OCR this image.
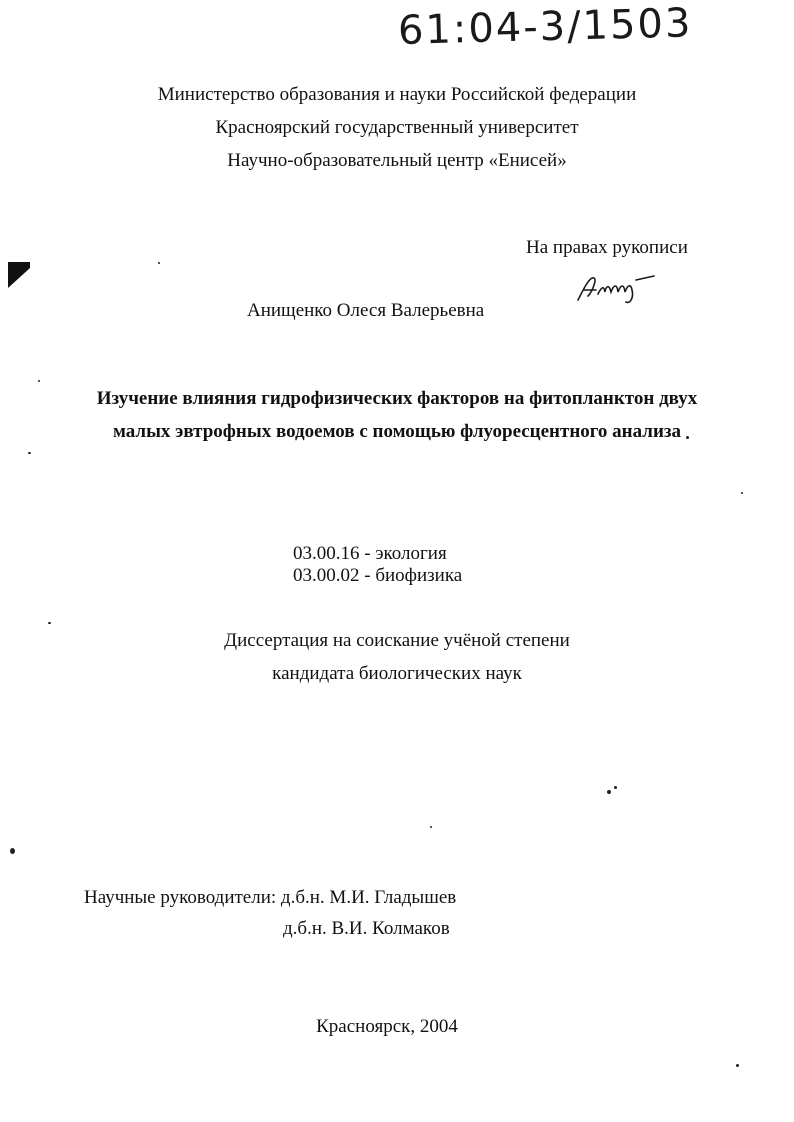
61:04-3/1503
Министерство образования и науки Российской федерации
Красноярский государственный университет
Научно-образовательный центр «Енисей»
На правах рукописи
Анищенко Олеся Валерьевна
Изучение влияния гидрофизических факторов на фитопланктон двух
малых эвтрофных водоемов с помощью флуоресцентного анализа
03.00.16 - экология
03.00.02 - биофизика
Диссертация на соискание учёной степени
кандидата биологических наук
Научные руководители: д.б.н. М.И. Гладышев
д.б.н. В.И. Колмаков
Красноярск, 2004
